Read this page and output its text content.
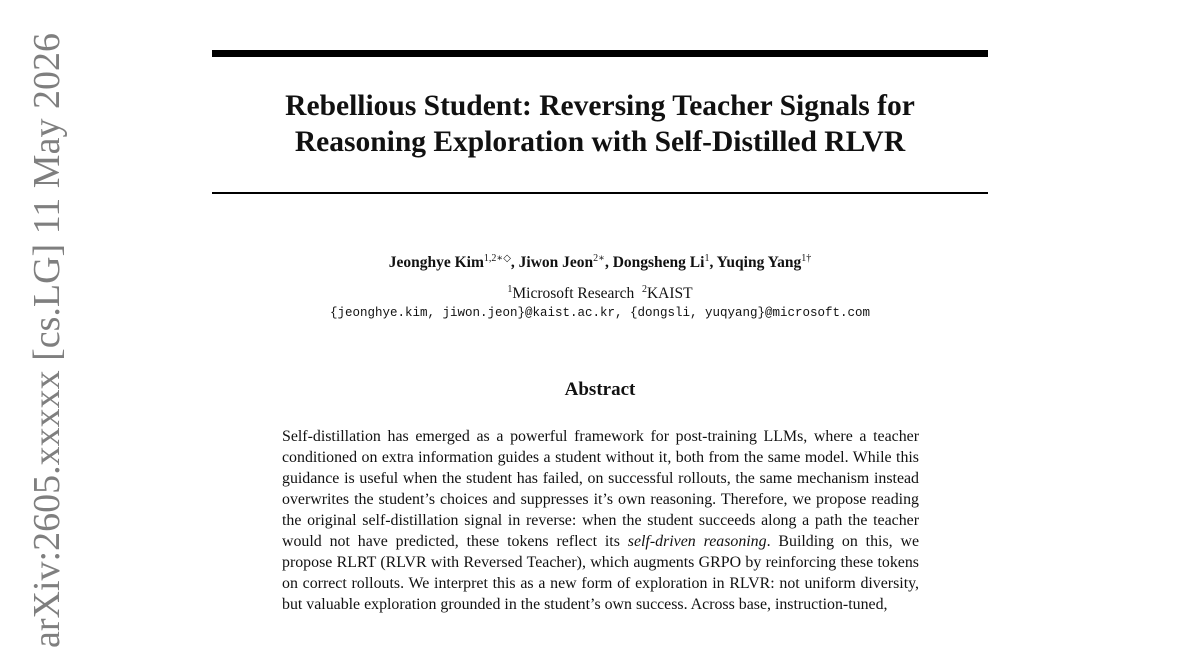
Rebellious Student: Reversing Teacher Signals for
Reasoning Exploration with Self-Distilled RLVR
Jeonghye Kim$^{1,2∗◇}$, Jiwon Jeon$^{2∗}$, Dongsheng Li$^1$, Yuqing Yang$^{1\dagger}$
$^1$Microsoft Research $^2$KAIST
{jeonghye.kim, jiwon.jeon}@kaist.ac.kr, {dongsli, yuqyang}@microsoft.com
Abstract

Self-distillation has emerged as a powerful framework for post-training LLMs, where a teacher conditioned on extra information guides a student without it, both from the same model. While this guidance is useful when the student has failed, on successful rollouts, the same mechanism instead overwrites the student’s choices and suppresses it’s own reasoning. Therefore, we propose reading the original self-distillation signal in reverse: when the student succeeds along a path the teacher would not have predicted, these tokens reflect its self-driven reasoning. Building on this, we propose RLRT (RLVR with Reversed Teacher), which augments GRPO by reinforcing these tokens on correct rollouts. We interpret this as a new form of exploration in RLVR: not uniform diversity, but valuable exploration grounded in the student’s own success. Across base, instruction-tuned,

arXiv:2605.xxxxx [cs.LG] 11 May 2026
